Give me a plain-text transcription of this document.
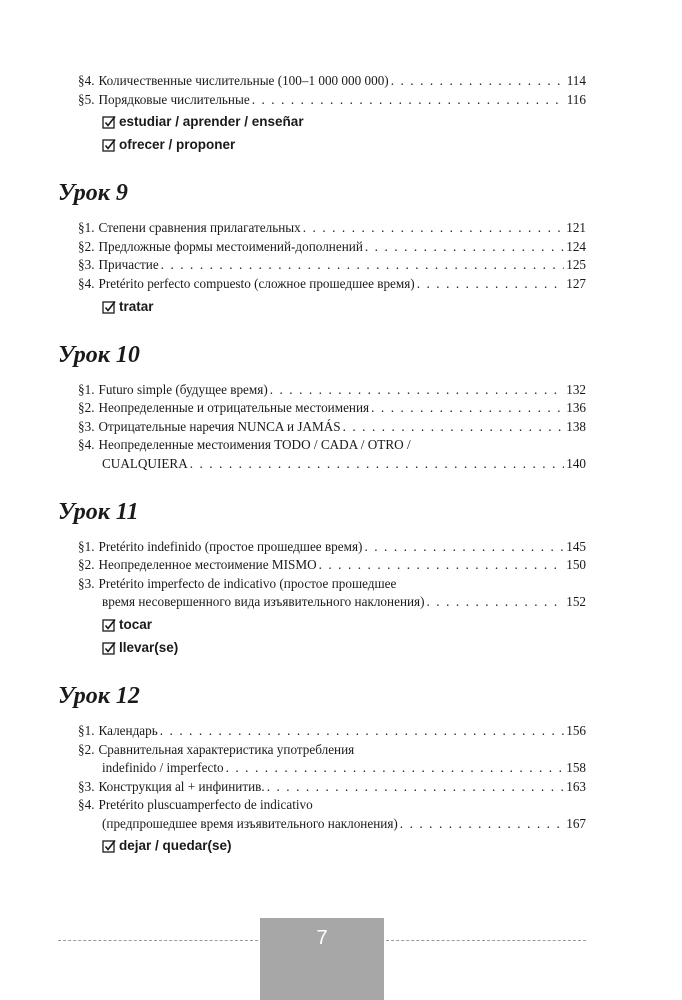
§4. Количественные числительные (100–1 000 000 000) . . .	114
§5. Порядковые числительные . . .	116
estudiar / aprender / enseñar
ofrecer / proponer
Урок 9
§1. Степени сравнения прилагательных . . .	121
§2. Предложные формы местоимений-дополнений . . .	124
§3. Причастие . . .	125
§4. Pretérito perfecto compuesto (сложное прошедшее время) . . .	127
tratar
Урок 10
§1. Futuro simple (будущее время) . . .	132
§2. Неопределенные и отрицательные местоимения . . .	136
§3. Отрицательные наречия NUNCA и JAMÁS . . .	138
§4. Неопределенные местоимения TODO / CADA / OTRO /
CUALQUIERA . . .	140
Урок 11
§1. Pretérito indefinido (простое прошедшее время) . . .	145
§2. Неопределенное местоимение MISMO . . .	150
§3. Pretérito imperfecto de indicativo (простое прошедшее
время несовершенного вида изъявительного наклонения) . . .	152
tocar
llevar(se)
Урок 12
§1. Календарь . . .	156
§2. Сравнительная характеристика употребления
indefinido / imperfecto . . .	158
§3. Конструкция al + инфинитив. . . .	163
§4. Pretérito pluscuamperfecto de indicativo
(предпрошедшее время изъявительного наклонения) . . .	167
dejar / quedar(se)
7
